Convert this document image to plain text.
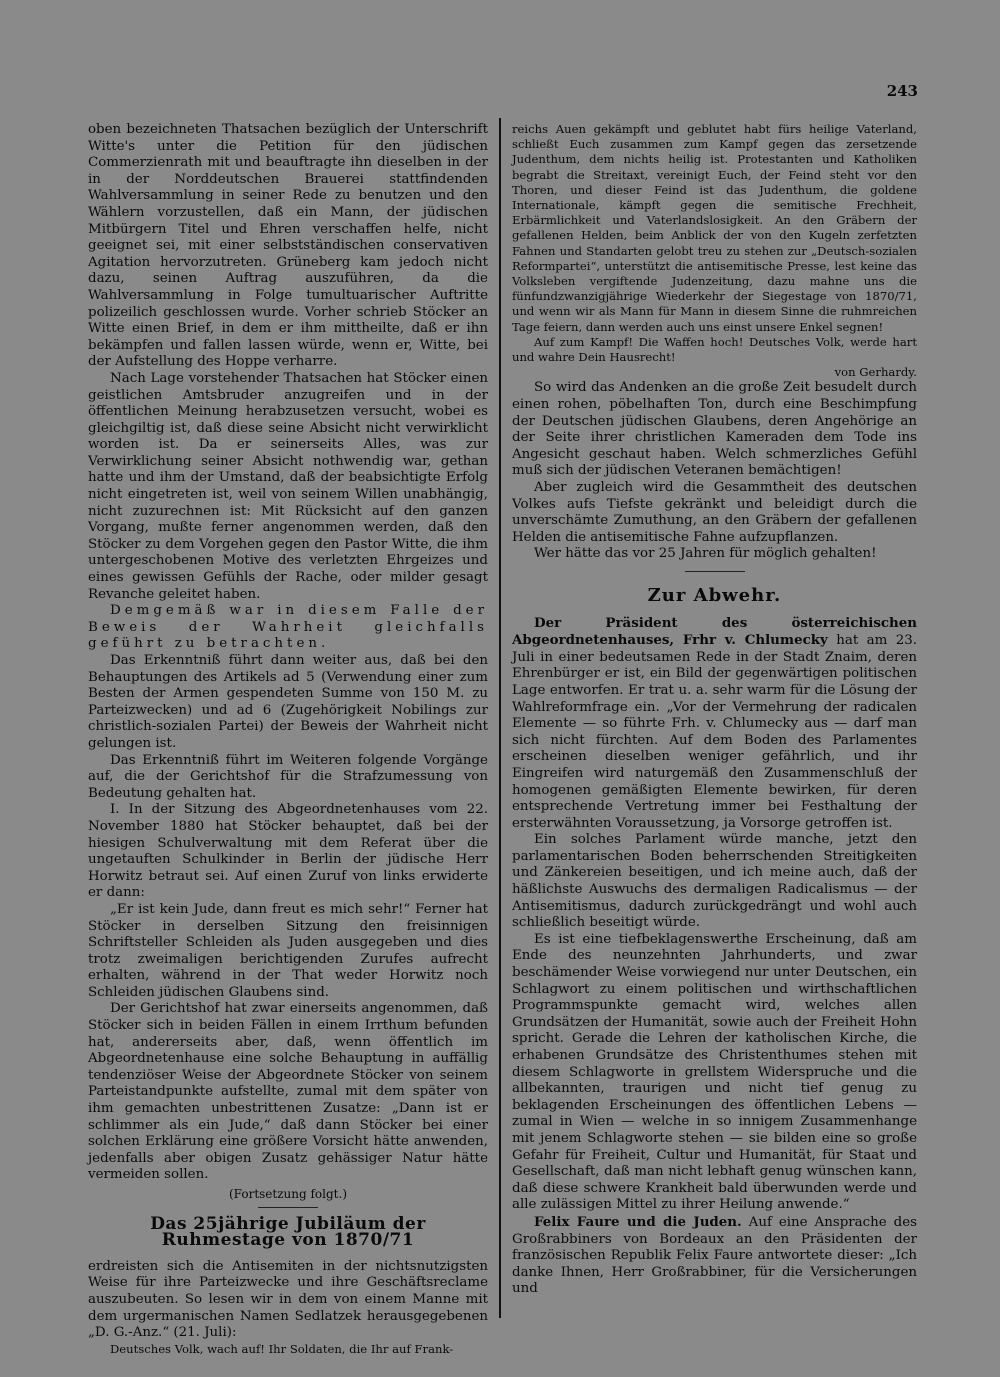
243

oben bezeichneten Thatsachen bezüglich der Unterschrift Witte's unter die Petition für den jüdischen Commerzienrath mit und beauftragte ihn dieselben in der in der Norddeutschen Brauerei stattfindenden Wahlversammlung in seiner Rede zu benutzen und den Wählern vorzustellen, daß ein Mann, der jüdischen Mitbürgern Titel und Ehren verschaffen helfe, nicht geeignet sei, mit einer selbstständischen conservativen Agitation hervorzutreten. Grüneberg kam jedoch nicht dazu, seinen Auftrag auszuführen, da die Wahlversammlung in Folge tumultuarischer Auftritte polizeilich geschlossen wurde. Vorher schrieb Stöcker an Witte einen Brief, in dem er ihm mittheilte, daß er ihn bekämpfen und fallen lassen würde, wenn er, Witte, bei der Aufstellung des Hoppe verharre.

Nach Lage vorstehender Thatsachen hat Stöcker einen geistlichen Amtsbruder anzugreifen und in der öffentlichen Meinung herabzusetzen versucht, wobei es gleichgiltig ist, daß diese seine Absicht nicht verwirklicht worden ist. Da er seinerseits Alles, was zur Verwirklichung seiner Absicht nothwendig war, gethan hatte und ihm der Umstand, daß der beabsichtigte Erfolg nicht eingetreten ist, weil von seinem Willen unabhängig, nicht zuzurechnen ist: Mit Rücksicht auf den ganzen Vorgang, mußte ferner angenommen werden, daß den Stöcker zu dem Vorgehen gegen den Pastor Witte, die ihm untergeschobenen Motive des verletzten Ehrgeizes und eines gewissen Gefühls der Rache, oder milder gesagt Revanche geleitet haben.

Demgemäß war in diesem Falle der Beweis der Wahrheit gleichfalls geführt zu betrachten.

Das Erkenntniß führt dann weiter aus, daß bei den Behauptungen des Artikels ad 5 (Verwendung einer zum Besten der Armen gespendeten Summe von 150 M. zu Parteizwecken) und ad 6 (Zugehörigkeit Nobilings zur christlich-sozialen Partei) der Beweis der Wahrheit nicht gelungen ist.

Das Erkenntniß führt im Weiteren folgende Vorgänge auf, die der Gerichtshof für die Strafzumessung von Bedeutung gehalten hat.

I. In der Sitzung des Abgeordnetenhauses vom 22. November 1880 hat Stöcker behauptet, daß bei der hiesigen Schulverwaltung mit dem Referat über die ungetauften Schulkinder in Berlin der jüdische Herr Horwitz betraut sei. Auf einen Zuruf von links erwiderte er dann:

„Er ist kein Jude, dann freut es mich sehr!“ Ferner hat Stöcker in derselben Sitzung den freisinnigen Schriftsteller Schleiden als Juden ausgegeben und dies trotz zweimaligen berichtigenden Zurufes aufrecht erhalten, während in der That weder Horwitz noch Schleiden jüdischen Glaubens sind.

Der Gerichtshof hat zwar einerseits angenommen, daß Stöcker sich in beiden Fällen in einem Irrthum befunden hat, andererseits aber, daß, wenn öffentlich im Abgeordnetenhause eine solche Behauptung in auffällig tendenziöser Weise der Abgeordnete Stöcker von seinem Parteistandpunkte aufstellte, zumal mit dem später von ihm gemachten unbestrittenen Zusatze: „Dann ist er schlimmer als ein Jude,“ daß dann Stöcker bei einer solchen Erklärung eine größere Vorsicht hätte anwenden, jedenfalls aber obigen Zusatz gehässiger Natur hätte vermeiden sollen.

(Fortsetzung folgt.)
Das 25jährige Jubiläum der Ruhmestage von 1870/71

erdreisten sich die Antisemiten in der nichtsnutzigsten Weise für ihre Parteizwecke und ihre Geschäftsreclame auszubeuten. So lesen wir in dem von einem Manne mit dem urgermanischen Namen Sedlatzek herausgegebenen „D. G.-Anz.“ (21. Juli):

Deutsches Volk, wach auf! Ihr Soldaten, die Ihr auf Frank-

reichs Auen gekämpft und geblutet habt fürs heilige Vaterland, schließt Euch zusammen zum Kampf gegen das zersetzende Judenthum, dem nichts heilig ist. Protestanten und Katholiken begrabt die Streitaxt, vereinigt Euch, der Feind steht vor den Thoren, und dieser Feind ist das Judenthum, die goldene Internationale, kämpft gegen die semitische Frechheit, Erbärmlichkeit und Vaterlandslosigkeit. An den Gräbern der gefallenen Helden, beim Anblick der von den Kugeln zerfetzten Fahnen und Standarten gelobt treu zu stehen zur „Deutsch-sozialen Reformpartei“, unterstützt die antisemitische Presse, lest keine das Volksleben vergiftende Judenzeitung, dazu mahne uns die fünfundzwanzigjährige Wiederkehr der Siegestage von 1870/71, und wenn wir als Mann für Mann in diesem Sinne die ruhmreichen Tage feiern, dann werden auch uns einst unsere Enkel segnen!

Auf zum Kampf! Die Waffen hoch! Deutsches Volk, werde hart und wahre Dein Hausrecht!

von Gerhardy.

So wird das Andenken an die große Zeit besudelt durch einen rohen, pöbelhaften Ton, durch eine Beschimpfung der Deutschen jüdischen Glaubens, deren Angehörige an der Seite ihrer christlichen Kameraden dem Tode ins Angesicht geschaut haben. Welch schmerzliches Gefühl muß sich der jüdischen Veteranen bemächtigen!

Aber zugleich wird die Gesammtheit des deutschen Volkes aufs Tiefste gekränkt und beleidigt durch die unverschämte Zumuthung, an den Gräbern der gefallenen Helden die antisemitische Fahne aufzupflanzen.

Wer hätte das vor 25 Jahren für möglich gehalten!

Zur Abwehr.

Der Präsident des österreichischen Abgeordnetenhauses, Frhr v. Chlumecky hat am 23. Juli in einer bedeutsamen Rede in der Stadt Znaim, deren Ehrenbürger er ist, ein Bild der gegenwärtigen politischen Lage entworfen. Er trat u. a. sehr warm für die Lösung der Wahlreformfrage ein. „Vor der Vermehrung der radicalen Elemente — so führte Frh. v. Chlumecky aus — darf man sich nicht fürchten. Auf dem Boden des Parlamentes erscheinen dieselben weniger gefährlich, und ihr Eingreifen wird naturgemäß den Zusammenschluß der homogenen gemäßigten Elemente bewirken, für deren entsprechende Vertretung immer bei Festhaltung der ersterwähnten Voraussetzung, ja Vorsorge getroffen ist.

Ein solches Parlament würde manche, jetzt den parlamentarischen Boden beherrschenden Streitigkeiten und Zänkereien beseitigen, und ich meine auch, daß der häßlichste Auswuchs des dermaligen Radicalismus — der Antisemitismus, dadurch zurückgedrängt und wohl auch schließlich beseitigt würde.

Es ist eine tiefbeklagenswerthe Erscheinung, daß am Ende des neunzehnten Jahrhunderts, und zwar beschämender Weise vorwiegend nur unter Deutschen, ein Schlagwort zu einem politischen und wirthschaftlichen Programmspunkte gemacht wird, welches allen Grundsätzen der Humanität, sowie auch der Freiheit Hohn spricht. Gerade die Lehren der katholischen Kirche, die erhabenen Grundsätze des Christenthumes stehen mit diesem Schlagworte in grellstem Widerspruche und die allbekannten, traurigen und nicht tief genug zu beklagenden Erscheinungen des öffentlichen Lebens — zumal in Wien — welche in so innigem Zusammenhange mit jenem Schlagworte stehen — sie bilden eine so große Gefahr für Freiheit, Cultur und Humanität, für Staat und Gesellschaft, daß man nicht lebhaft genug wünschen kann, daß diese schwere Krankheit bald überwunden werde und alle zulässigen Mittel zu ihrer Heilung anwende.“

Felix Faure und die Juden. Auf eine Ansprache des Großrabbiners von Bordeaux an den Präsidenten der französischen Republik Felix Faure antwortete dieser: „Ich danke Ihnen, Herr Großrabbiner, für die Versicherungen und
